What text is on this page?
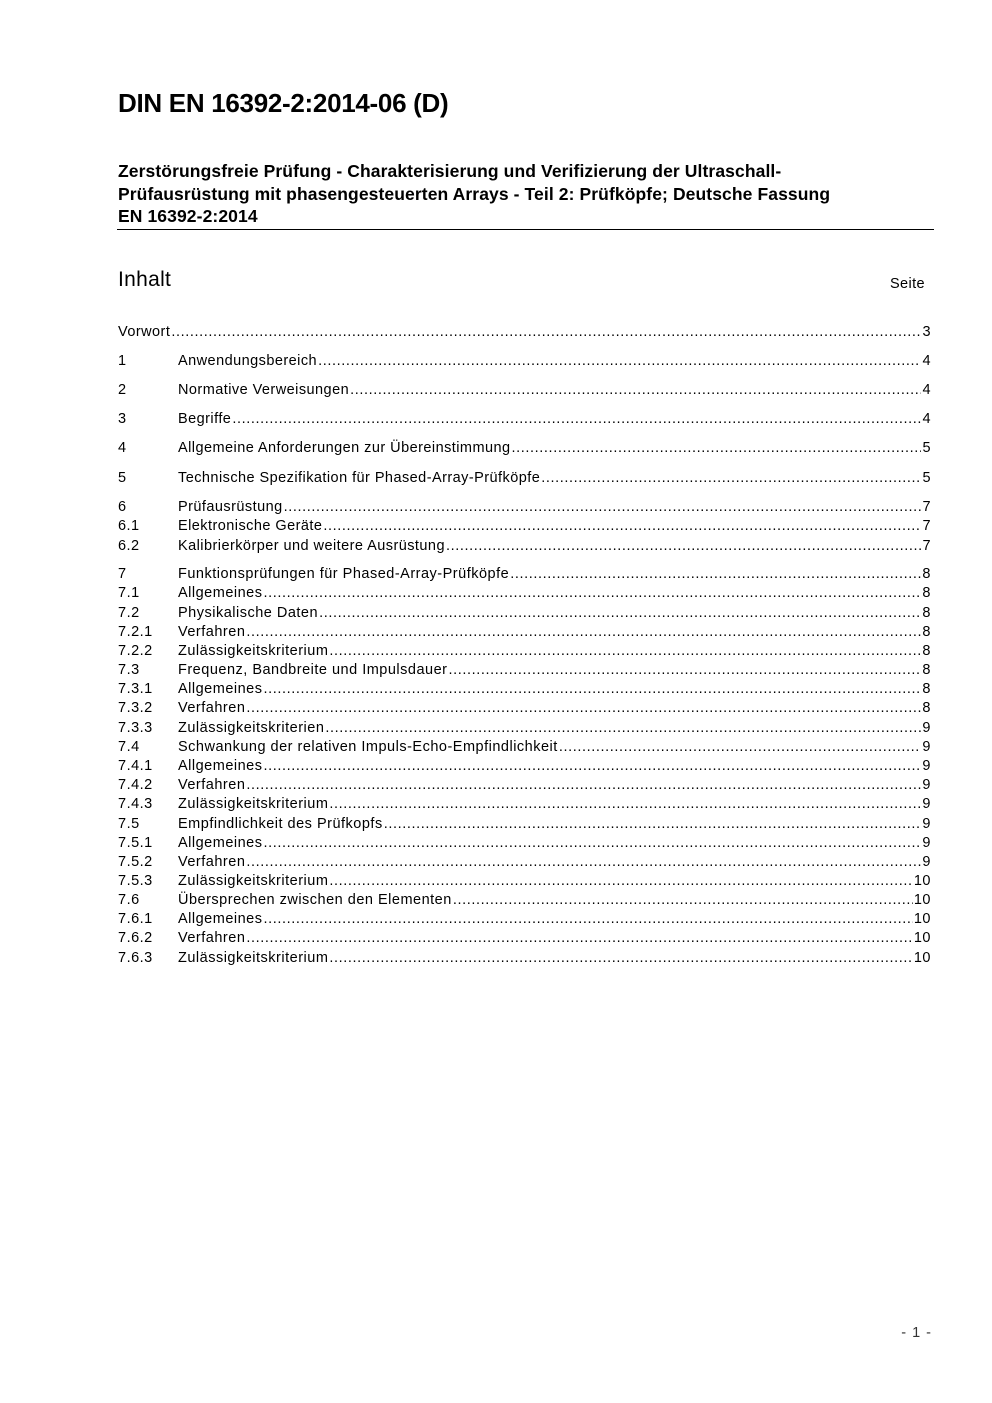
DIN EN 16392-2:2014-06 (D)
Zerstörungsfreie Prüfung - Charakterisierung und Verifizierung der Ultraschall-
Prüfausrüstung mit phasengesteuerten Arrays - Teil 2: Prüfköpfe; Deutsche Fassung
EN 16392-2:2014
Inhalt	Seite
Vorwort .....	3
1	Anwendungsbereich .....	4
2	Normative Verweisungen .....	4
3	Begriffe .....	4
4	Allgemeine Anforderungen zur Übereinstimmung .....	5
5	Technische Spezifikation für Phased-Array-Prüfköpfe .....	5
6	Prüfausrüstung .....	7
6.1	Elektronische Geräte .....	7
6.2	Kalibrierkörper und weitere Ausrüstung .....	7
7	Funktionsprüfungen für Phased-Array-Prüfköpfe .....	8
7.1	Allgemeines .....	8
7.2	Physikalische Daten .....	8
7.2.1	Verfahren .....	8
7.2.2	Zulässigkeitskriterium .....	8
7.3	Frequenz, Bandbreite und Impulsdauer .....	8
7.3.1	Allgemeines .....	8
7.3.2	Verfahren .....	8
7.3.3	Zulässigkeitskriterien .....	9
7.4	Schwankung der relativen Impuls-Echo-Empfindlichkeit .....	9
7.4.1	Allgemeines .....	9
7.4.2	Verfahren .....	9
7.4.3	Zulässigkeitskriterium .....	9
7.5	Empfindlichkeit des Prüfkopfs .....	9
7.5.1	Allgemeines .....	9
7.5.2	Verfahren .....	9
7.5.3	Zulässigkeitskriterium .....	10
7.6	Übersprechen zwischen den Elementen .....	10
7.6.1	Allgemeines .....	10
7.6.2	Verfahren .....	10
7.6.3	Zulässigkeitskriterium .....	10
- 1 -
